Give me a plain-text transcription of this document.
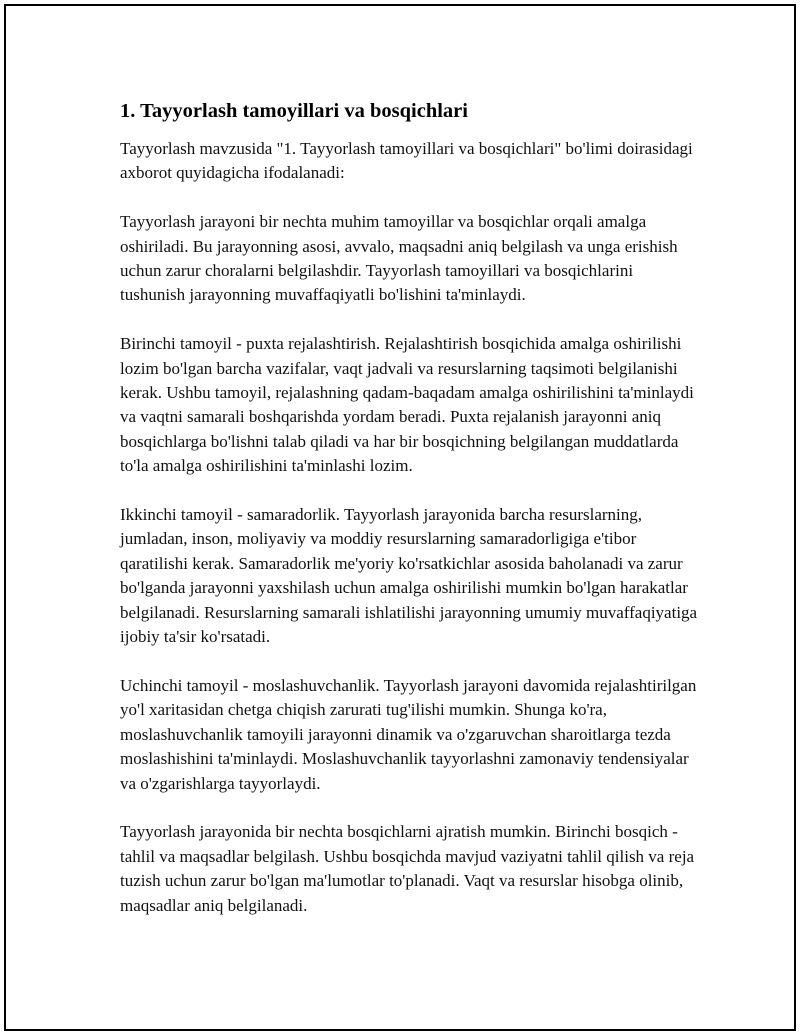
1. Tayyorlash tamoyillari va bosqichlari

Tayyorlash mavzusida "1. Tayyorlash tamoyillari va bosqichlari" bo'limi doirasidagi axborot quyidagicha ifodalanadi:

Tayyorlash jarayoni bir nechta muhim tamoyillar va bosqichlar orqali amalga oshiriladi. Bu jarayonning asosi, avvalo, maqsadni aniq belgilash va unga erishish uchun zarur choralarni belgilashdir. Tayyorlash tamoyillari va bosqichlarini tushunish jarayonning muvaffaqiyatli bo'lishini ta'minlaydi.

Birinchi tamoyil - puxta rejalashtirish. Rejalashtirish bosqichida amalga oshirilishi lozim bo'lgan barcha vazifalar, vaqt jadvali va resurslarning taqsimoti belgilanishi kerak. Ushbu tamoyil, rejalashning qadam-baqadam amalga oshirilishini ta'minlaydi va vaqtni samarali boshqarishda yordam beradi. Puxta rejalanish jarayonni aniq bosqichlarga bo'lishni talab qiladi va har bir bosqichning belgilangan muddatlarda to'la amalga oshirilishini ta'minlashi lozim.

Ikkinchi tamoyil - samaradorlik. Tayyorlash jarayonida barcha resurslarning, jumladan, inson, moliyaviy va moddiy resurslarning samaradorligiga e'tibor qaratilishi kerak. Samaradorlik me'yoriy ko'rsatkichlar asosida baholanadi va zarur bo'lganda jarayonni yaxshilash uchun amalga oshirilishi mumkin bo'lgan harakatlar belgilanadi. Resurslarning samarali ishlatilishi jarayonning umumiy muvaffaqiyatiga ijobiy ta'sir ko'rsatadi.

Uchinchi tamoyil - moslashuvchanlik. Tayyorlash jarayoni davomida rejalashtirilgan yo'l xaritasidan chetga chiqish zarurati tug'ilishi mumkin. Shunga ko'ra, moslashuvchanlik tamoyili jarayonni dinamik va o'zgaruvchan sharoitlarga tezda moslashishini ta'minlaydi. Moslashuvchanlik tayyorlashni zamonaviy tendensiyalar va o'zgarishlarga tayyorlaydi.

Tayyorlash jarayonida bir nechta bosqichlarni ajratish mumkin. Birinchi bosqich - tahlil va maqsadlar belgilash. Ushbu bosqichda mavjud vaziyatni tahlil qilish va reja tuzish uchun zarur bo'lgan ma'lumotlar to'planadi. Vaqt va resurslar hisobga olinib, maqsadlar aniq belgilanadi.
